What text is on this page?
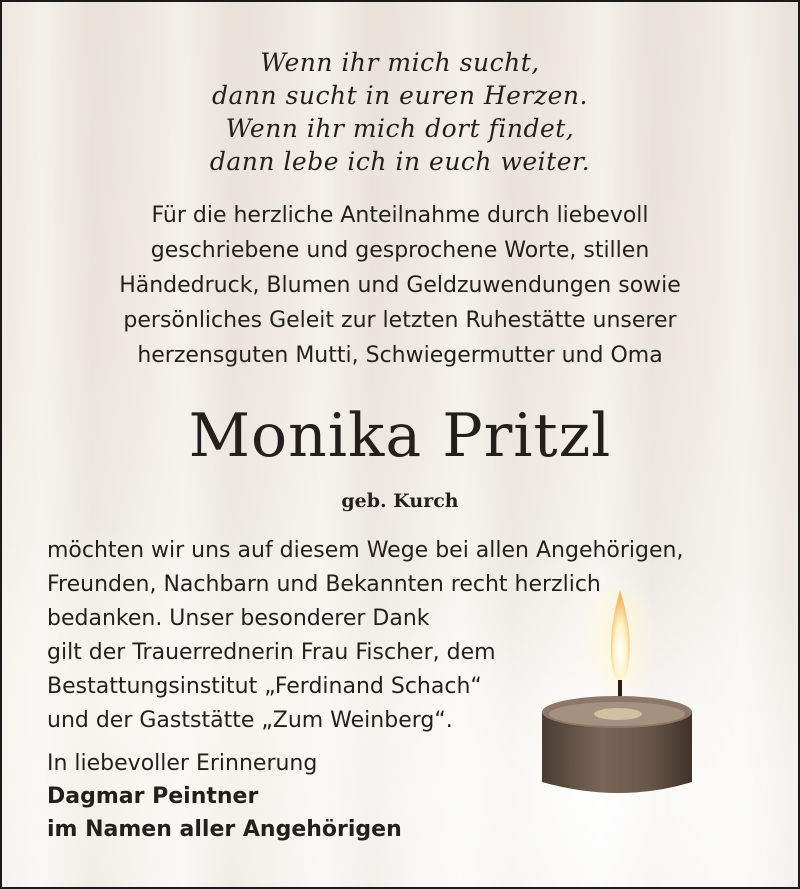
Wenn ihr mich sucht,
dann sucht in euren Herzen.
Wenn ihr mich dort findet,
dann lebe ich in euch weiter.
Für die herzliche Anteilnahme durch liebevoll
geschriebene und gesprochene Worte, stillen
Händedruck, Blumen und Geldzuwendungen sowie
persönliches Geleit zur letzten Ruhestätte unserer
herzensguten Mutti, Schwiegermutter und Oma
Monika Pritzl
geb. Kurch
möchten wir uns auf diesem Wege bei allen Angehörigen,
Freunden, Nachbarn und Bekannten recht herzlich
bedanken. Unser besonderer Dank
gilt der Trauerrednerin Frau Fischer, dem
Bestattungsinstitut „Ferdinand Schach“
und der Gaststätte „Zum Weinberg“.
In liebevoller Erinnerung
Dagmar Peintner
im Namen aller Angehörigen
